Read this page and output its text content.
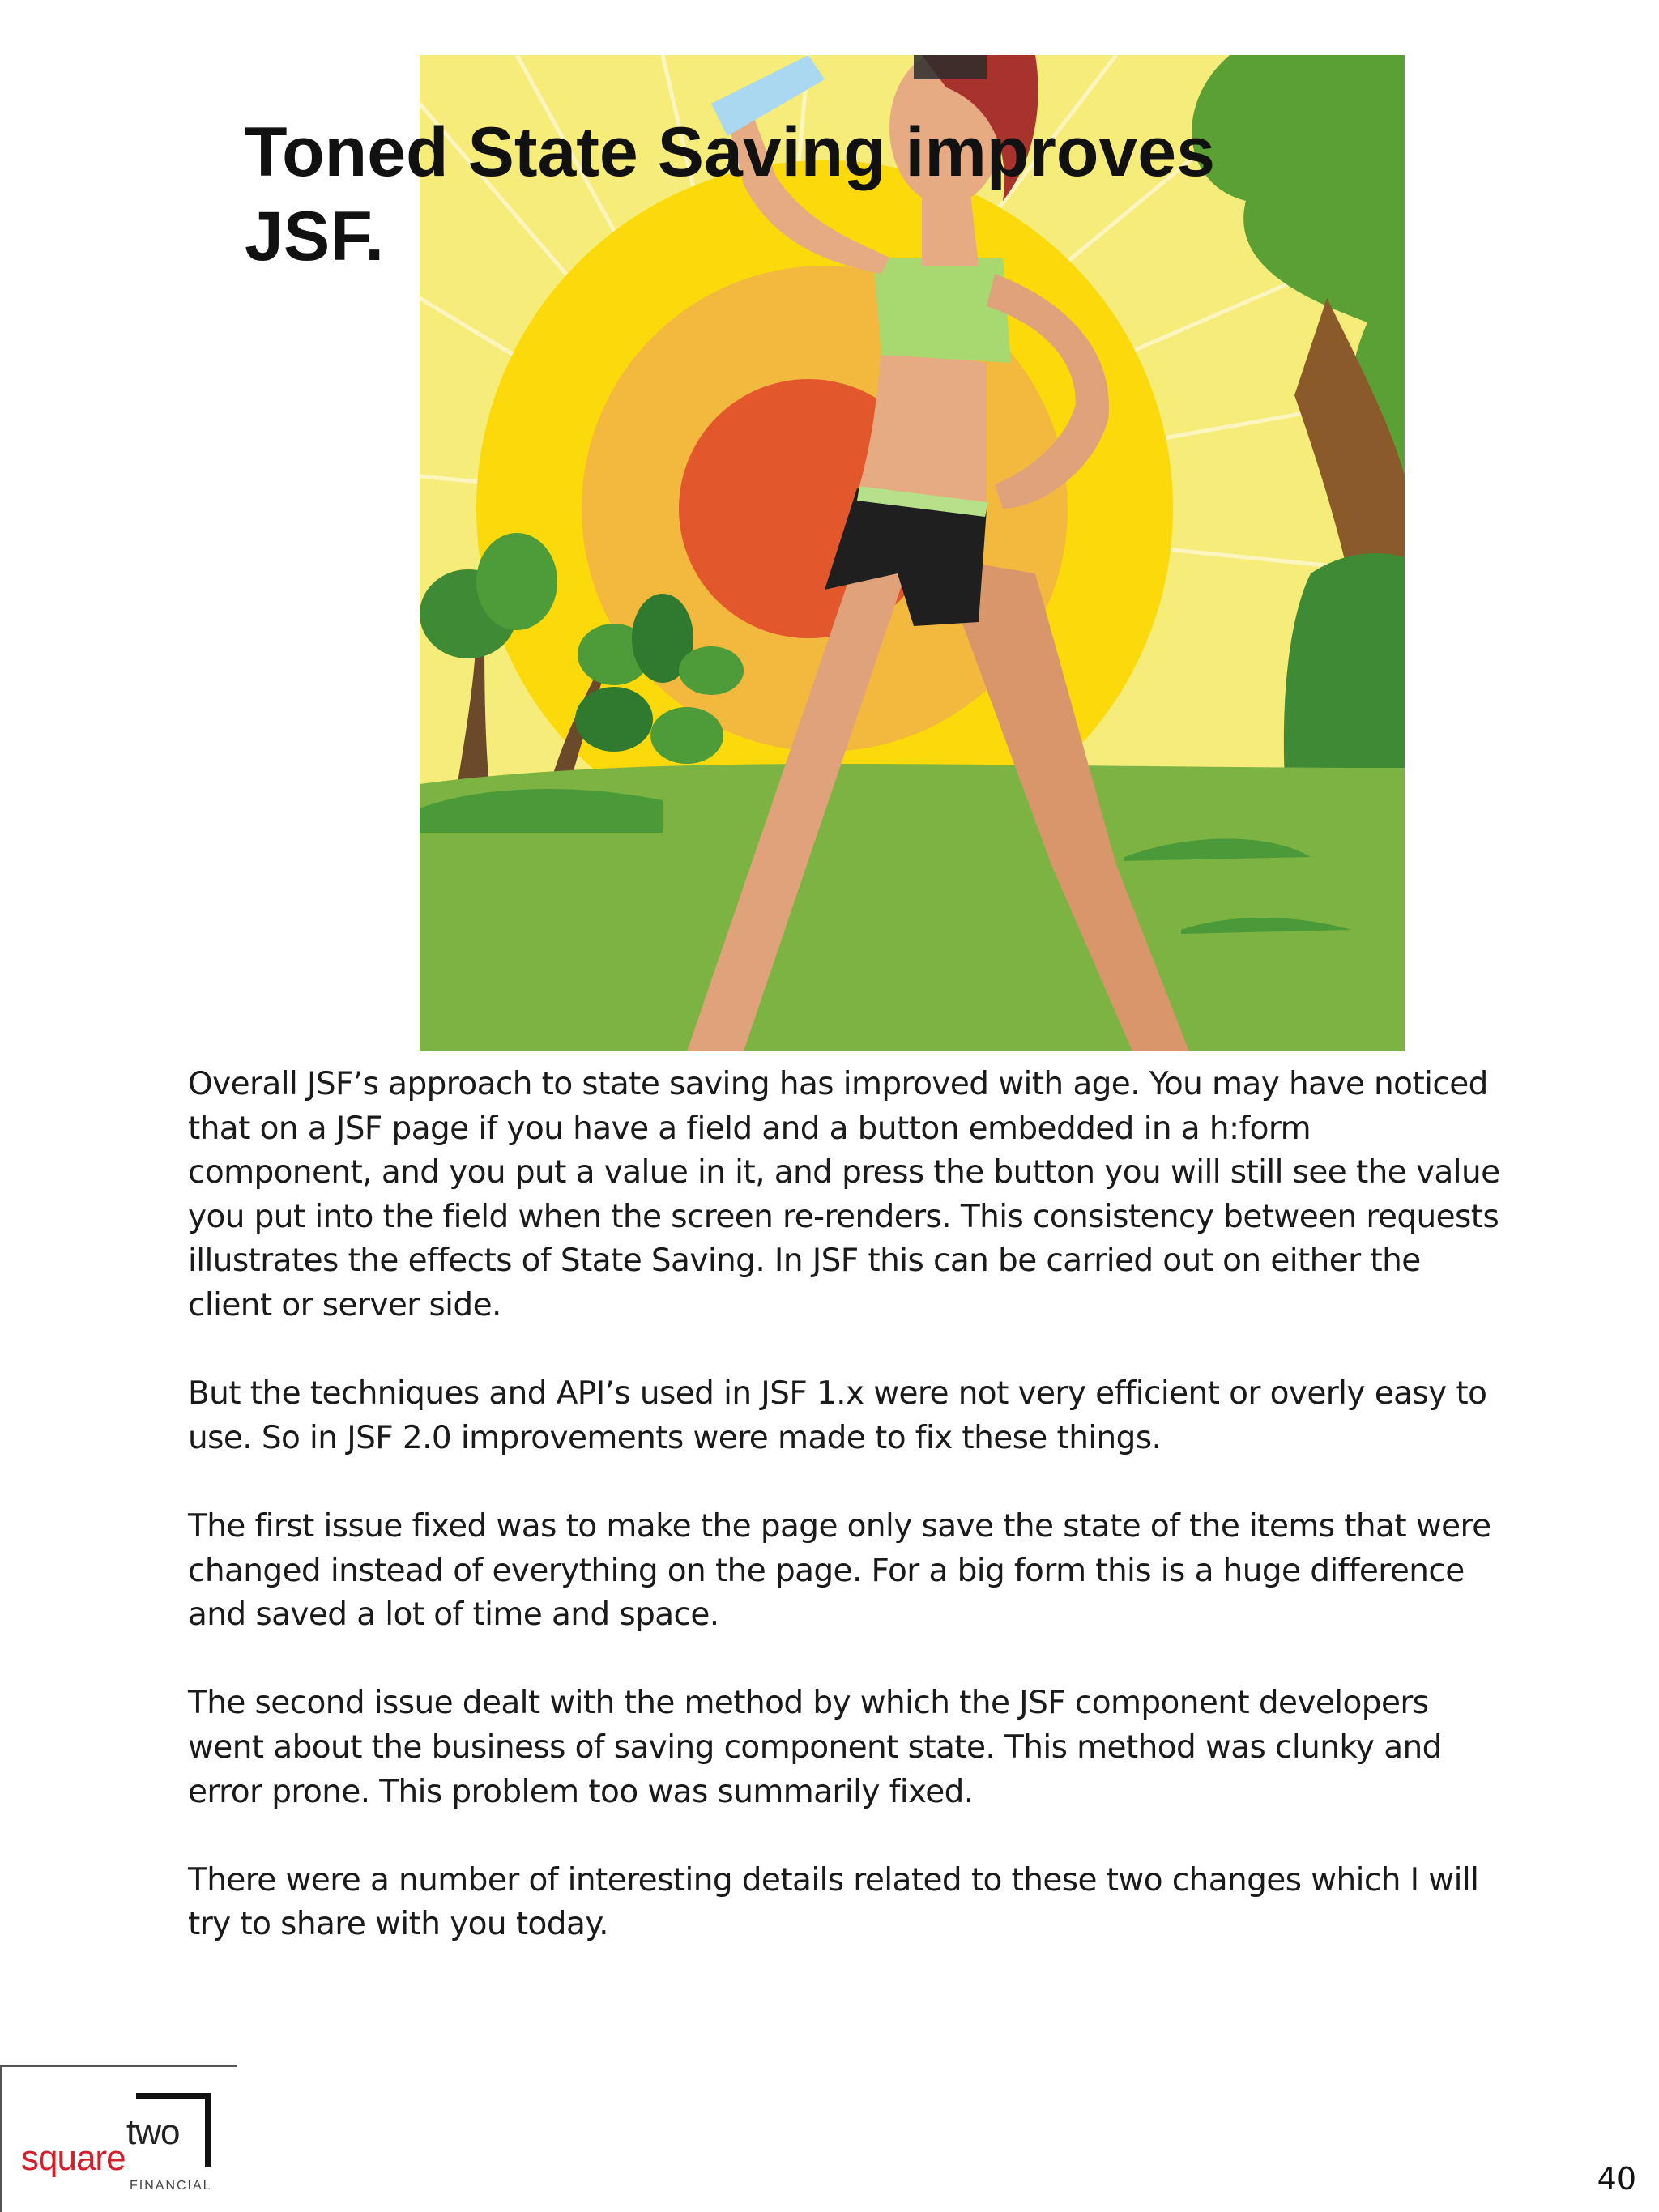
Toned State Saving improves
JSF.

Overall JSF’s approach to state saving has improved with age. You may have noticed that on a JSF page if you have a field and a button embedded in a h:form component, and you put a value in it, and press the button you will still see the value you put into the field when the screen re-renders. This consistency between requests illustrates the effects of State Saving. In JSF this can be carried out on either the client or server side.

But the techniques and API’s used in JSF 1.x were not very efficient or overly easy to use. So in JSF 2.0 improvements were made to fix these things.

The first issue fixed was to make the page only save the state of the items that were changed instead of everything on the page. For a big form this is a huge difference and saved a lot of time and space.

The second issue dealt with the method by which the JSF component developers went about the business of saving component state. This method was clunky and error prone. This problem too was summarily fixed.

There were a number of interesting details related to these two changes which I will try to share with you today.

square
two
FINANCIAL	40
